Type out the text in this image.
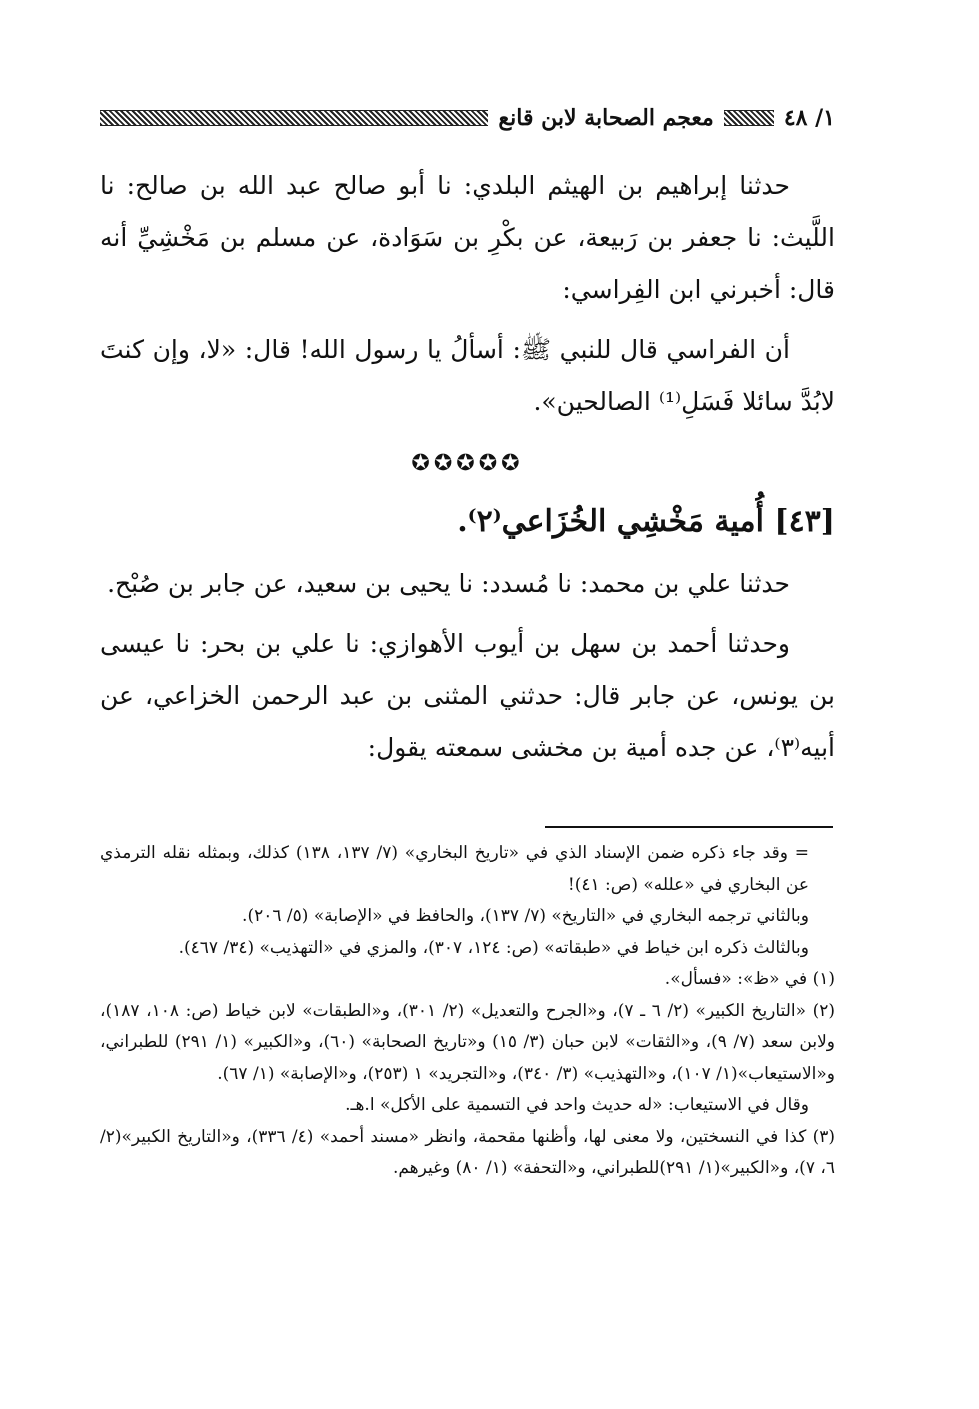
١/ ٤٨
معجم الصحابة لابن قانع

حدثنا إبراهيم بن الهيثم البلدي: نا أبو صالح عبد الله بن صالح: نا اللَّيث: نا جعفر بن رَبيعة، عن بكْرِ بن سَوَادة، عن مسلم بن مَخْشِيِّ أنه قال: أخبرني ابن الفِراسي:

أن الفراسي قال للنبي ﷺ: أسألُ يا رسول الله! قال: «لا، وإن كنتَ لابُدَّ سائلا فَسَلِ⁽¹⁾ الصالحين».

✪✪✪✪✪
[٤٣] أُمية مَخْشِي الخُزَاعي⁽٢⁾.

حدثنا علي بن محمد: نا مُسدد: نا يحيى بن سعيد، عن جابر بن صُبْح.

وحدثنا أحمد بن سهل بن أيوب الأهوازي: نا علي بن بحر: نا عيسى بن يونس، عن جابر قال: حدثني المثنى بن عبد الرحمن الخزاعي، عن أبيه⁽٣⁾، عن جده أمية بن مخشى سمعته يقول:

= وقد جاء ذكره ضمن الإسناد الذي في «تاريخ البخاري» (٧/ ١٣٧، ١٣٨) كذلك، وبمثله نقله الترمذي عن البخاري في «علله» (ص: ٤١)!

وبالثاني ترجمه البخاري في «التاريخ» (٧/ ١٣٧)، والحافظ في «الإصابة» (٥/ ٢٠٦).

وبالثالث ذكره ابن خياط في «طبقاته» (ص: ١٢٤، ٣٠٧)، والمزي في «التهذيب» (٣٤/ ٤٦٧).

(١) في «ظ»: «فسأل».

(٢) «التاريخ الكبير» (٢/ ٦ ـ ٧)، و«الجرح والتعديل» (٢/ ٣٠١)، و«الطبقات» لابن خياط (ص: ١٠٨، ١٨٧)، ولابن سعد (٧/ ٩)، و«الثقات» لابن حبان (٣/ ١٥) و«تاريخ الصحابة» (٦٠)، و«الكبير» (١/ ٢٩١) للطبراني، و«الاستيعاب»(١/ ١٠٧)، و«التهذيب» (٣/ ٣٤٠)، و«التجريد» ١ (٢٥٣)، و«الإصابة» (١/ ٦٧).

وقال في الاستيعاب: «له حديث واحد في التسمية على الأكل» ا.هـ.

(٣) كذا في النسختين، ولا معنى لها، وأظنها مقحمة، وانظر «مسند أحمد» (٤/ ٣٣٦)، و«التاريخ الكبير»(٢/ ٦، ٧)، و«الكبير»(١/ ٢٩١)للطبراني، و«التحفة» (١/ ٨٠) وغيرهم.
